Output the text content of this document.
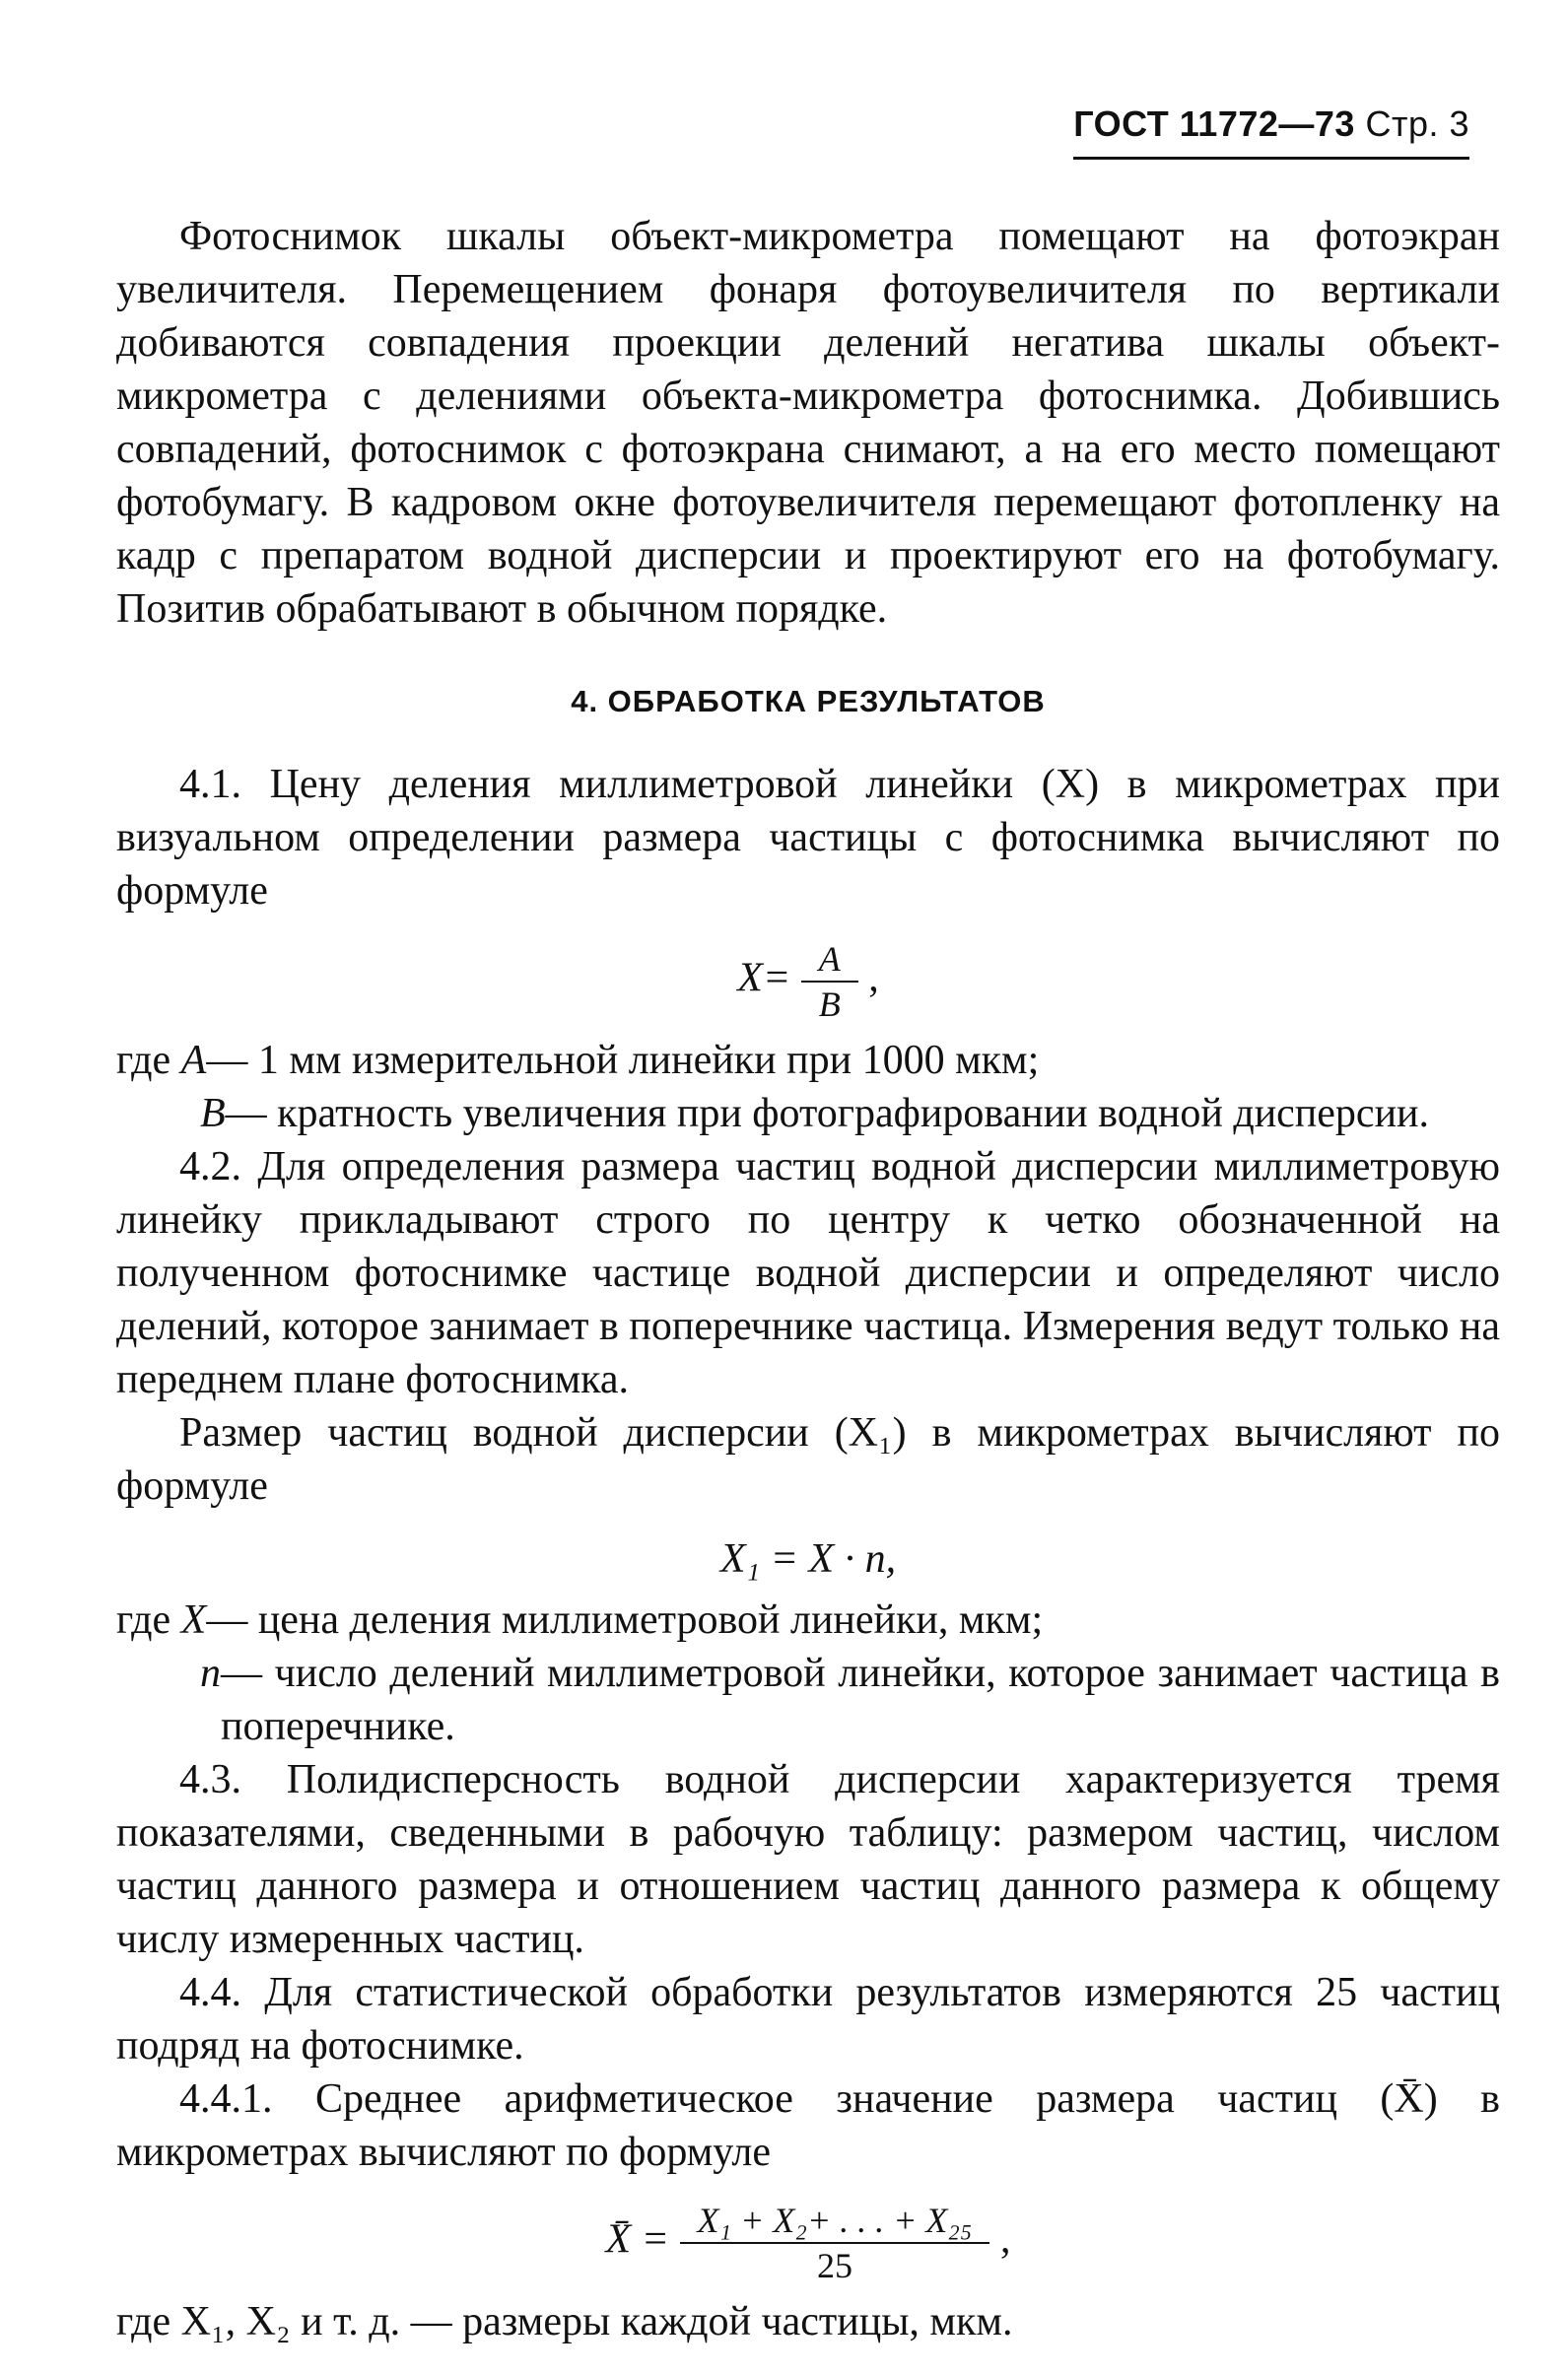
ГОСТ 11772—73 Стр. 3

Фотоснимок шкалы объект-микрометра помещают на фотоэкран увеличителя. Перемещением фонаря фотоувеличителя по вертикали добиваются совпадения проекции делений негатива шкалы объект-микрометра с делениями объекта-микрометра фотоснимка. Добившись совпадений, фотоснимок с фотоэкрана снимают, а на его место помещают фотобумагу. В кадровом окне фотоувеличителя перемещают фотопленку на кадр с препаратом водной дисперсии и проектируют его на фотобумагу. Позитив обрабатывают в обычном порядке.

4. ОБРАБОТКА РЕЗУЛЬТАТОВ

4.1. Цену деления миллиметровой линейки (X) в микрометрах при визуальном определении размера частицы с фотоснимка вычисляют по формуле

$X= \frac{A}{B}$ ,
где A — 1 мм измерительной линейки при 1000 мкм;
B — кратность увеличения при фотографировании водной дисперсии.

4.2. Для определения размера частиц водной дисперсии миллиметровую линейку прикладывают строго по центру к четко обозначенной на полученном фотоснимке частице водной дисперсии и определяют число делений, которое занимает в поперечнике частица. Измерения ведут только на переднем плане фотоснимка.

Размер частиц водной дисперсии (X₁) в микрометрах вычисляют по формуле

X₁ = X · n,
где X — цена деления миллиметровой линейки, мкм;
n — число делений миллиметровой линейки, которое занимает частица в поперечнике.

4.3. Полидисперсность водной дисперсии характеризуется тремя показателями, сведенными в рабочую таблицу: размером частиц, числом частиц данного размера и отношением частиц данного размера к общему числу измеренных частиц.

4.4. Для статистической обработки результатов измеряются 25 частиц подряд на фотоснимке.

4.4.1. Среднее арифметическое значение размера частиц (X̄) в микрометрах вычисляют по формуле

X̄ = $\frac{\text{X₁ + X₂+ . . . + X₂₅}}{25}$ ,

где X₁, X₂ и т. д. — размеры каждой частицы, мкм.
